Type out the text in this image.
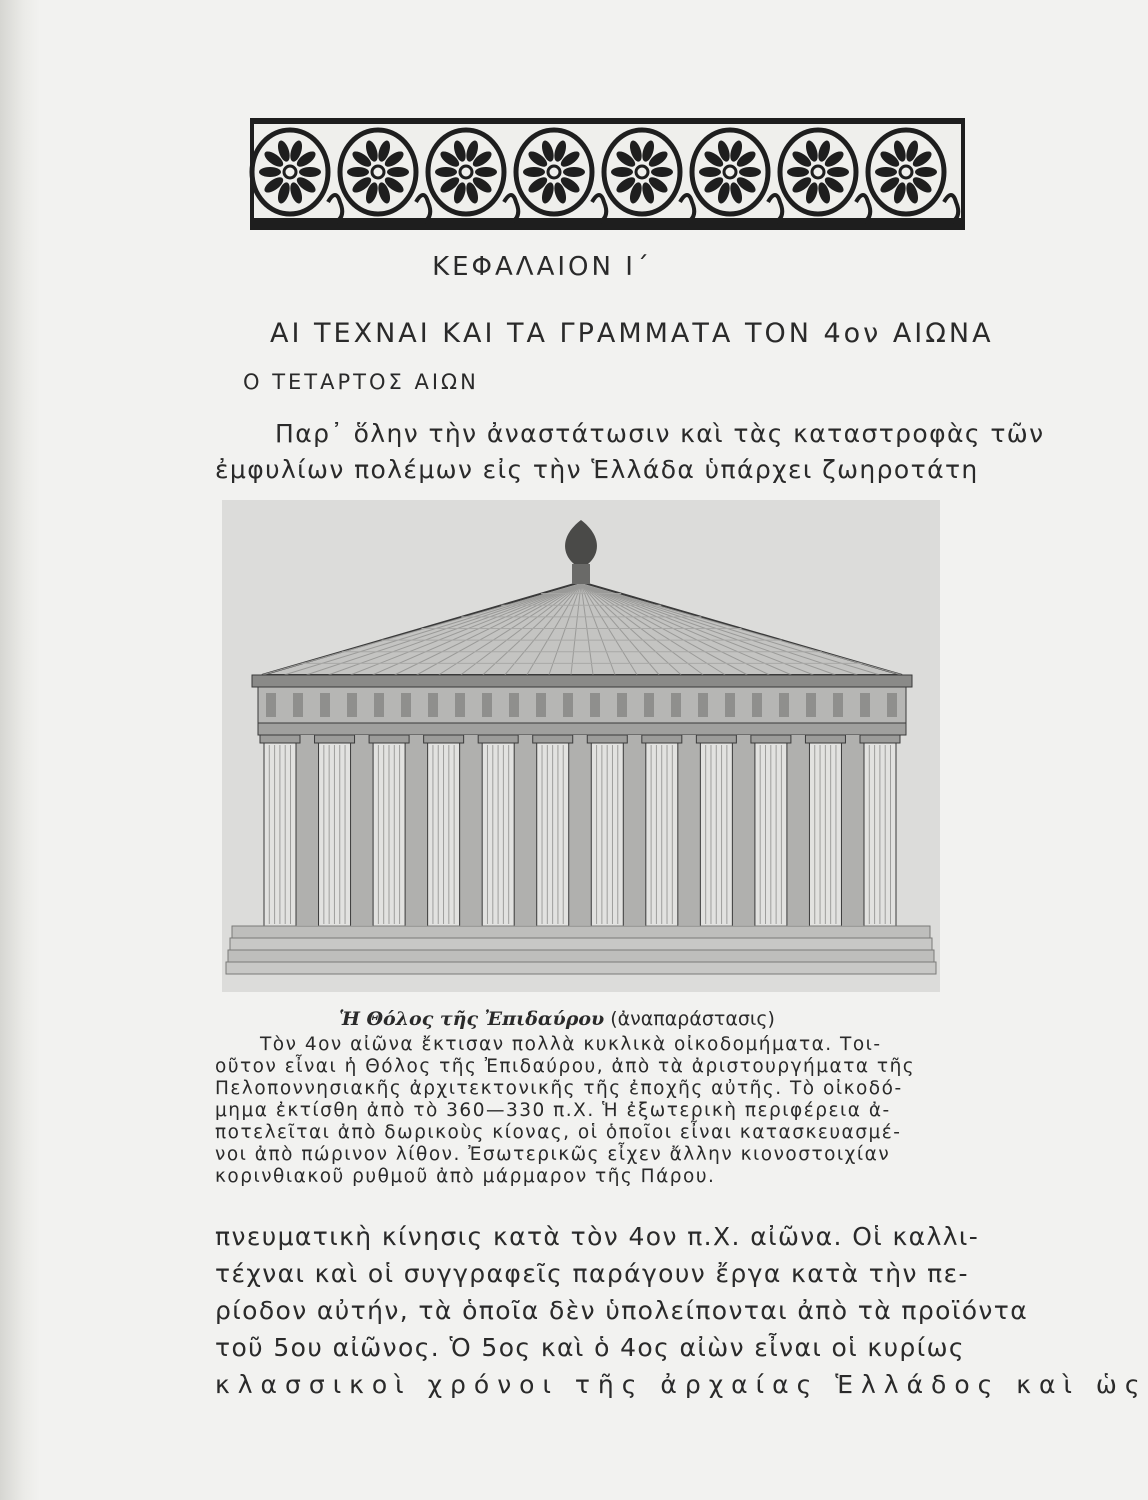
ΚΕΦΑΛΑΙΟΝ Ι΄
ΑΙ ΤΕΧΝΑΙ ΚΑΙ ΤΑ ΓΡΑΜΜΑΤΑ ΤΟΝ 4ον ΑΙΩΝΑ
Ο ΤΕΤΑΡΤΟΣ ΑΙΩΝ
Παρ᾽ ὅλην τὴν ἀναστάτωσιν καὶ τὰς καταστροφὰς τῶν
ἐμφυλίων πολέμων εἰς τὴν Ἑλλάδα ὑπάρχει ζωηροτάτη
Ἡ Θόλος τῆς Ἐπιδαύρου (ἀναπαράστασις)
Τὸν 4ον αἰῶνα ἔκτισαν πολλὰ κυκλικὰ οἰκοδομήματα. Τοι-
οῦτον εἶναι ἡ Θόλος τῆς Ἐπιδαύρου, ἀπὸ τὰ ἀριστουργήματα τῆς
Πελοποννησιακῆς ἀρχιτεκτονικῆς τῆς ἐποχῆς αὐτῆς. Τὸ οἰκοδό-
μημα ἐκτίσθη ἀπὸ τὸ 360—330 π.Χ. Ἡ ἐξωτερικὴ περιφέρεια ἀ-
ποτελεῖται ἀπὸ δωρικοὺς κίονας, οἱ ὁποῖοι εἶναι κατασκευασμέ-
νοι ἀπὸ πώρινον λίθον. Ἐσωτερικῶς εἶχεν ἄλλην κιονοστοιχίαν
κορινθιακοῦ ρυθμοῦ ἀπὸ μάρμαρον τῆς Πάρου.
πνευματικὴ κίνησις κατὰ τὸν 4ον π.Χ. αἰῶνα. Οἱ καλλι-
τέχναι καὶ οἱ συγγραφεῖς παράγουν ἔργα κατὰ τὴν πε-
ρίοδον αὐτήν, τὰ ὁποῖα δὲν ὑπολείπονται ἀπὸ τὰ προϊόντα
τοῦ 5ου αἰῶνος. Ὁ 5ος καὶ ὁ 4ος αἰὼν εἶναι οἱ κυρίως
κλασσικοὶ χρόνοι τῆς ἀρχαίας Ἑλλάδος καὶ ὡς
